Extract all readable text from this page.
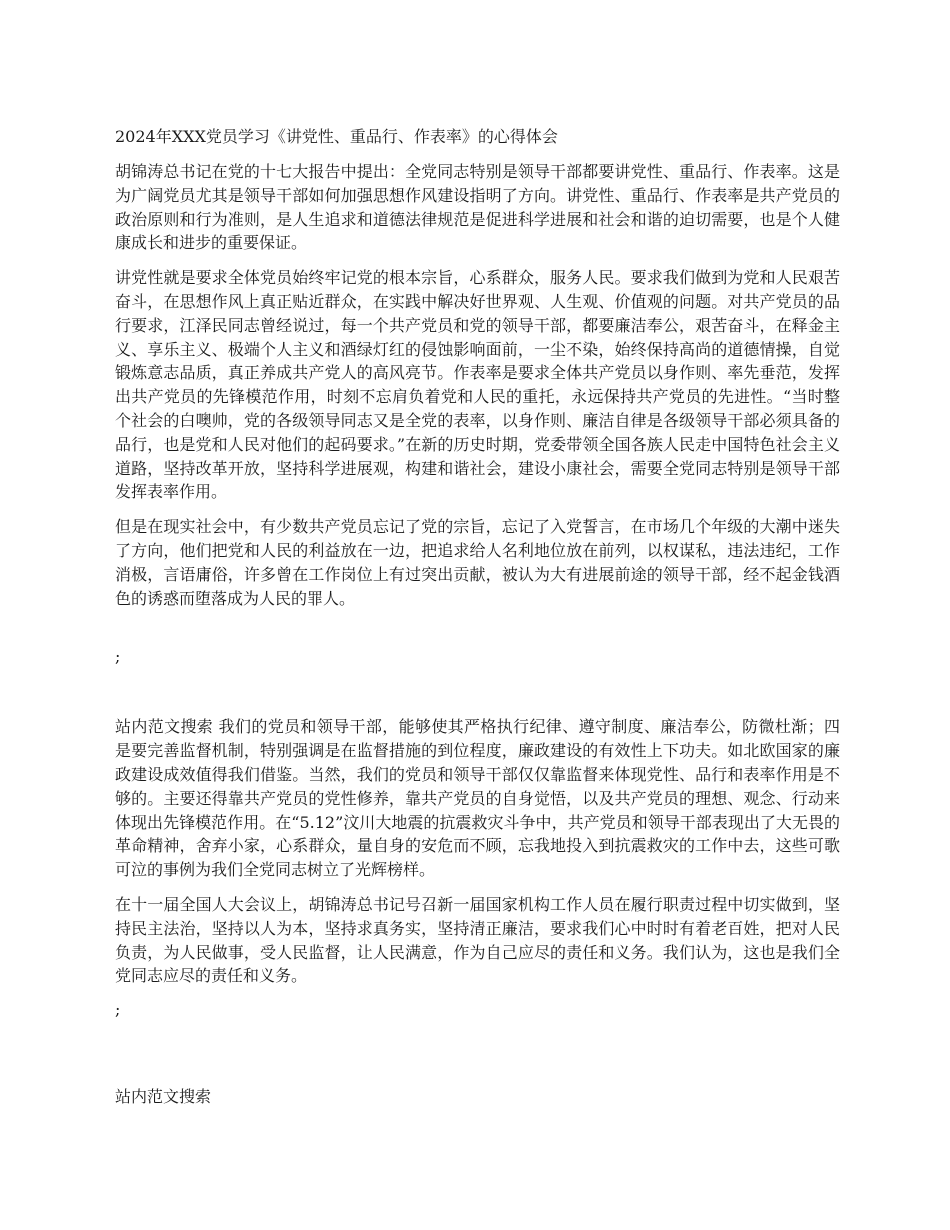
2024年XXX党员学习《讲党性、重品行、作表率》的心得体会
胡锦涛总书记在党的十七大报告中提出：全党同志特别是领导干部都要讲党性、重品行、作表率。这是为广阔党员尤其是领导干部如何加强思想作风建设指明了方向。讲党性、重品行、作表率是共产党员的政治原则和行为准则，是人生追求和道德法律规范是促进科学进展和社会和谐的迫切需要，也是个人健康成长和进步的重要保证。
讲党性就是要求全体党员始终牢记党的根本宗旨，心系群众，服务人民。要求我们做到为党和人民艰苦奋斗，在思想作风上真正贴近群众，在实践中解决好世界观、人生观、价值观的问题。对共产党员的品行要求，江泽民同志曾经说过，每一个共产党员和党的领导干部，都要廉洁奉公，艰苦奋斗，在释金主义、享乐主义、极端个人主义和酒绿灯红的侵蚀影响面前，一尘不染，始终保持高尚的道德情操，自觉锻炼意志品质，真正养成共产党人的高风亮节。作表率是要求全体共产党员以身作则、率先垂范，发挥出共产党员的先锋模范作用，时刻不忘肩负着党和人民的重托，永远保持共产党员的先进性。“当时整个社会的白噢帅，党的各级领导同志又是全党的表率，以身作则、廉洁自律是各级领导干部必须具备的品行，也是党和人民对他们的起码要求。”在新的历史时期，党委带领全国各族人民走中国特色社会主义道路，坚持改革开放，坚持科学进展观，构建和谐社会，建设小康社会，需要全党同志特别是领导干部发挥表率作用。
但是在现实社会中，有少数共产党员忘记了党的宗旨，忘记了入党誓言，在市场几个年级的大潮中迷失了方向，他们把党和人民的利益放在一边，把追求给人名利地位放在前列，以权谋私，违法违纪，工作消极，言语庸俗，许多曾在工作岗位上有过突出贡献，被认为大有进展前途的领导干部，经不起金钱酒色的诱惑而堕落成为人民的罪人。
;
站内范文搜索 我们的党员和领导干部，能够使其严格执行纪律、遵守制度、廉洁奉公，防微杜渐；四是要完善监督机制，特别强调是在监督措施的到位程度，廉政建设的有效性上下功夫。如北欧国家的廉政建设成效值得我们借鉴。当然，我们的党员和领导干部仅仅靠监督来体现党性、品行和表率作用是不够的。主要还得靠共产党员的党性修养，靠共产党员的自身觉悟，以及共产党员的理想、观念、行动来体现出先锋模范作用。在“5.12”汶川大地震的抗震救灾斗争中，共产党员和领导干部表现出了大无畏的革命精神，舍弃小家，心系群众，量自身的安危而不顾，忘我地投入到抗震救灾的工作中去，这些可歌可泣的事例为我们全党同志树立了光辉榜样。
在十一届全国人大会议上，胡锦涛总书记号召新一届国家机构工作人员在履行职责过程中切实做到，坚持民主法治，坚持以人为本，坚持求真务实，坚持清正廉洁，要求我们心中时时有着老百姓，把对人民负责，为人民做事，受人民监督，让人民满意，作为自己应尽的责任和义务。我们认为，这也是我们全党同志应尽的责任和义务。
;
站内范文搜索
